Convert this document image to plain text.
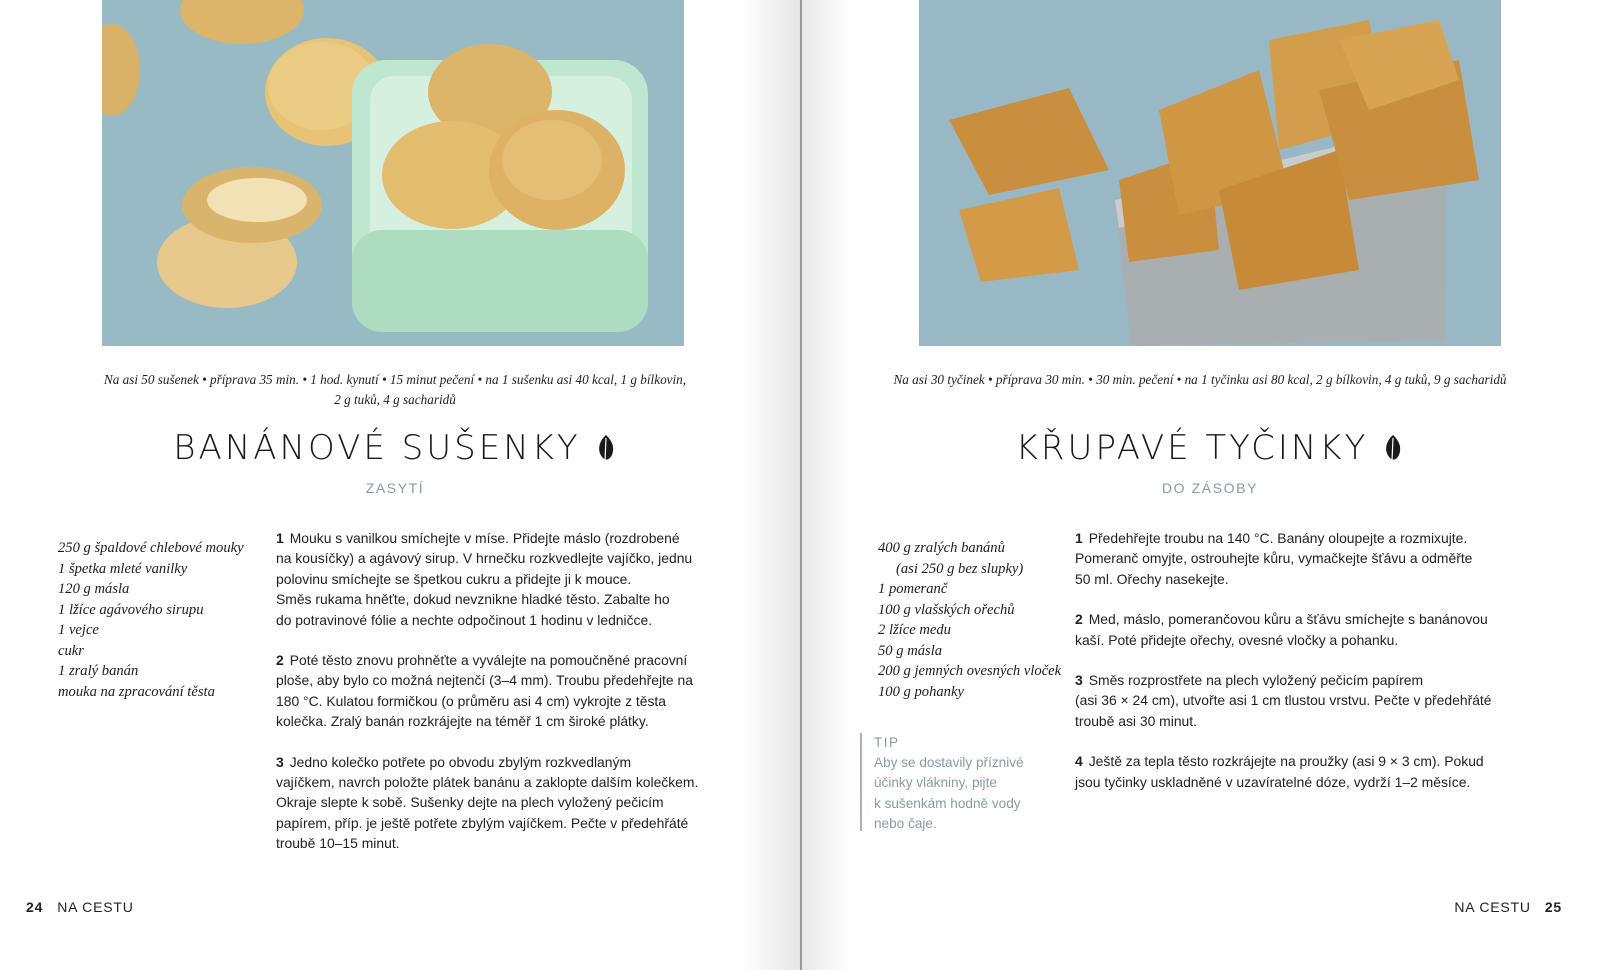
Na asi 50 sušenek • příprava 35 min. • 1 hod. kynutí • 15 minut pečení • na 1 sušenku asi 40 kcal, 1 g bílkovin,
2 g tuků, 4 g sacharidů
BANÁNOVÉ SUŠENKY
ZASYTÍ
250 g špaldové chlebové mouky
1 špetka mleté vanilky
120 g másla
1 lžíce agávového sirupu
1 vejce
cukr
1 zralý banán
mouka na zpracování těsta
1 Mouku s vanilkou smíchejte v míse. Přidejte máslo (rozdrobené
na kousíčky) a agávový sirup. V hrnečku rozkvedlejte vajíčko, jednu
polovinu smíchejte se špetkou cukru a přidejte ji k mouce.
Směs rukama hněťte, dokud nevznikne hladké těsto. Zabalte ho
do potravinové fólie a nechte odpočinout 1 hodinu v ledničce.
2 Poté těsto znovu prohněťte a vyválejte na pomoučněné pracovní
ploše, aby bylo co možná nejtenčí (3–4 mm). Troubu předehřejte na
180 °C. Kulatou formičkou (o průměru asi 4 cm) vykrojte z těsta
kolečka. Zralý banán rozkrájejte na téměř 1 cm široké plátky.
3 Jedno kolečko potřete po obvodu zbylým rozkvedlaným
vajíčkem, navrch položte plátek banánu a zaklopte dalším kolečkem.
Okraje slepte k sobě. Sušenky dejte na plech vyložený pečicím
papírem, příp. je ještě potřete zbylým vajíčkem. Pečte v předehřáté
troubě 10–15 minut.
24 NA CESTU
Na asi 30 tyčinek • příprava 30 min. • 30 min. pečení • na 1 tyčinku asi 80 kcal, 2 g bílkovin, 4 g tuků, 9 g sacharidů
KŘUPAVÉ TYČINKY
DO ZÁSOBY
400 g zralých banánů
(asi 250 g bez slupky)
1 pomeranč
100 g vlašských ořechů
2 lžíce medu
50 g másla
200 g jemných ovesných vloček
100 g pohanky
TIP
Aby se dostavily příznivé
účinky vlákniny, pijte
k sušenkám hodně vody
nebo čaje.
1 Předehřejte troubu na 140 °C. Banány oloupejte a rozmixujte.
Pomeranč omyjte, ostrouhejte kůru, vymačkejte šťávu a odměřte
50 ml. Ořechy nasekejte.
2 Med, máslo, pomerančovou kůru a šťávu smíchejte s banánovou
kaší. Poté přidejte ořechy, ovesné vločky a pohanku.
3 Směs rozprostřete na plech vyložený pečicím papírem
(asi 36 × 24 cm), utvořte asi 1 cm tlustou vrstvu. Pečte v předehřáté
troubě asi 30 minut.
4 Ještě za tepla těsto rozkrájejte na proužky (asi 9 × 3 cm). Pokud
jsou tyčinky uskladněné v uzavíratelné dóze, vydrží 1–2 měsíce.
NA CESTU 25
